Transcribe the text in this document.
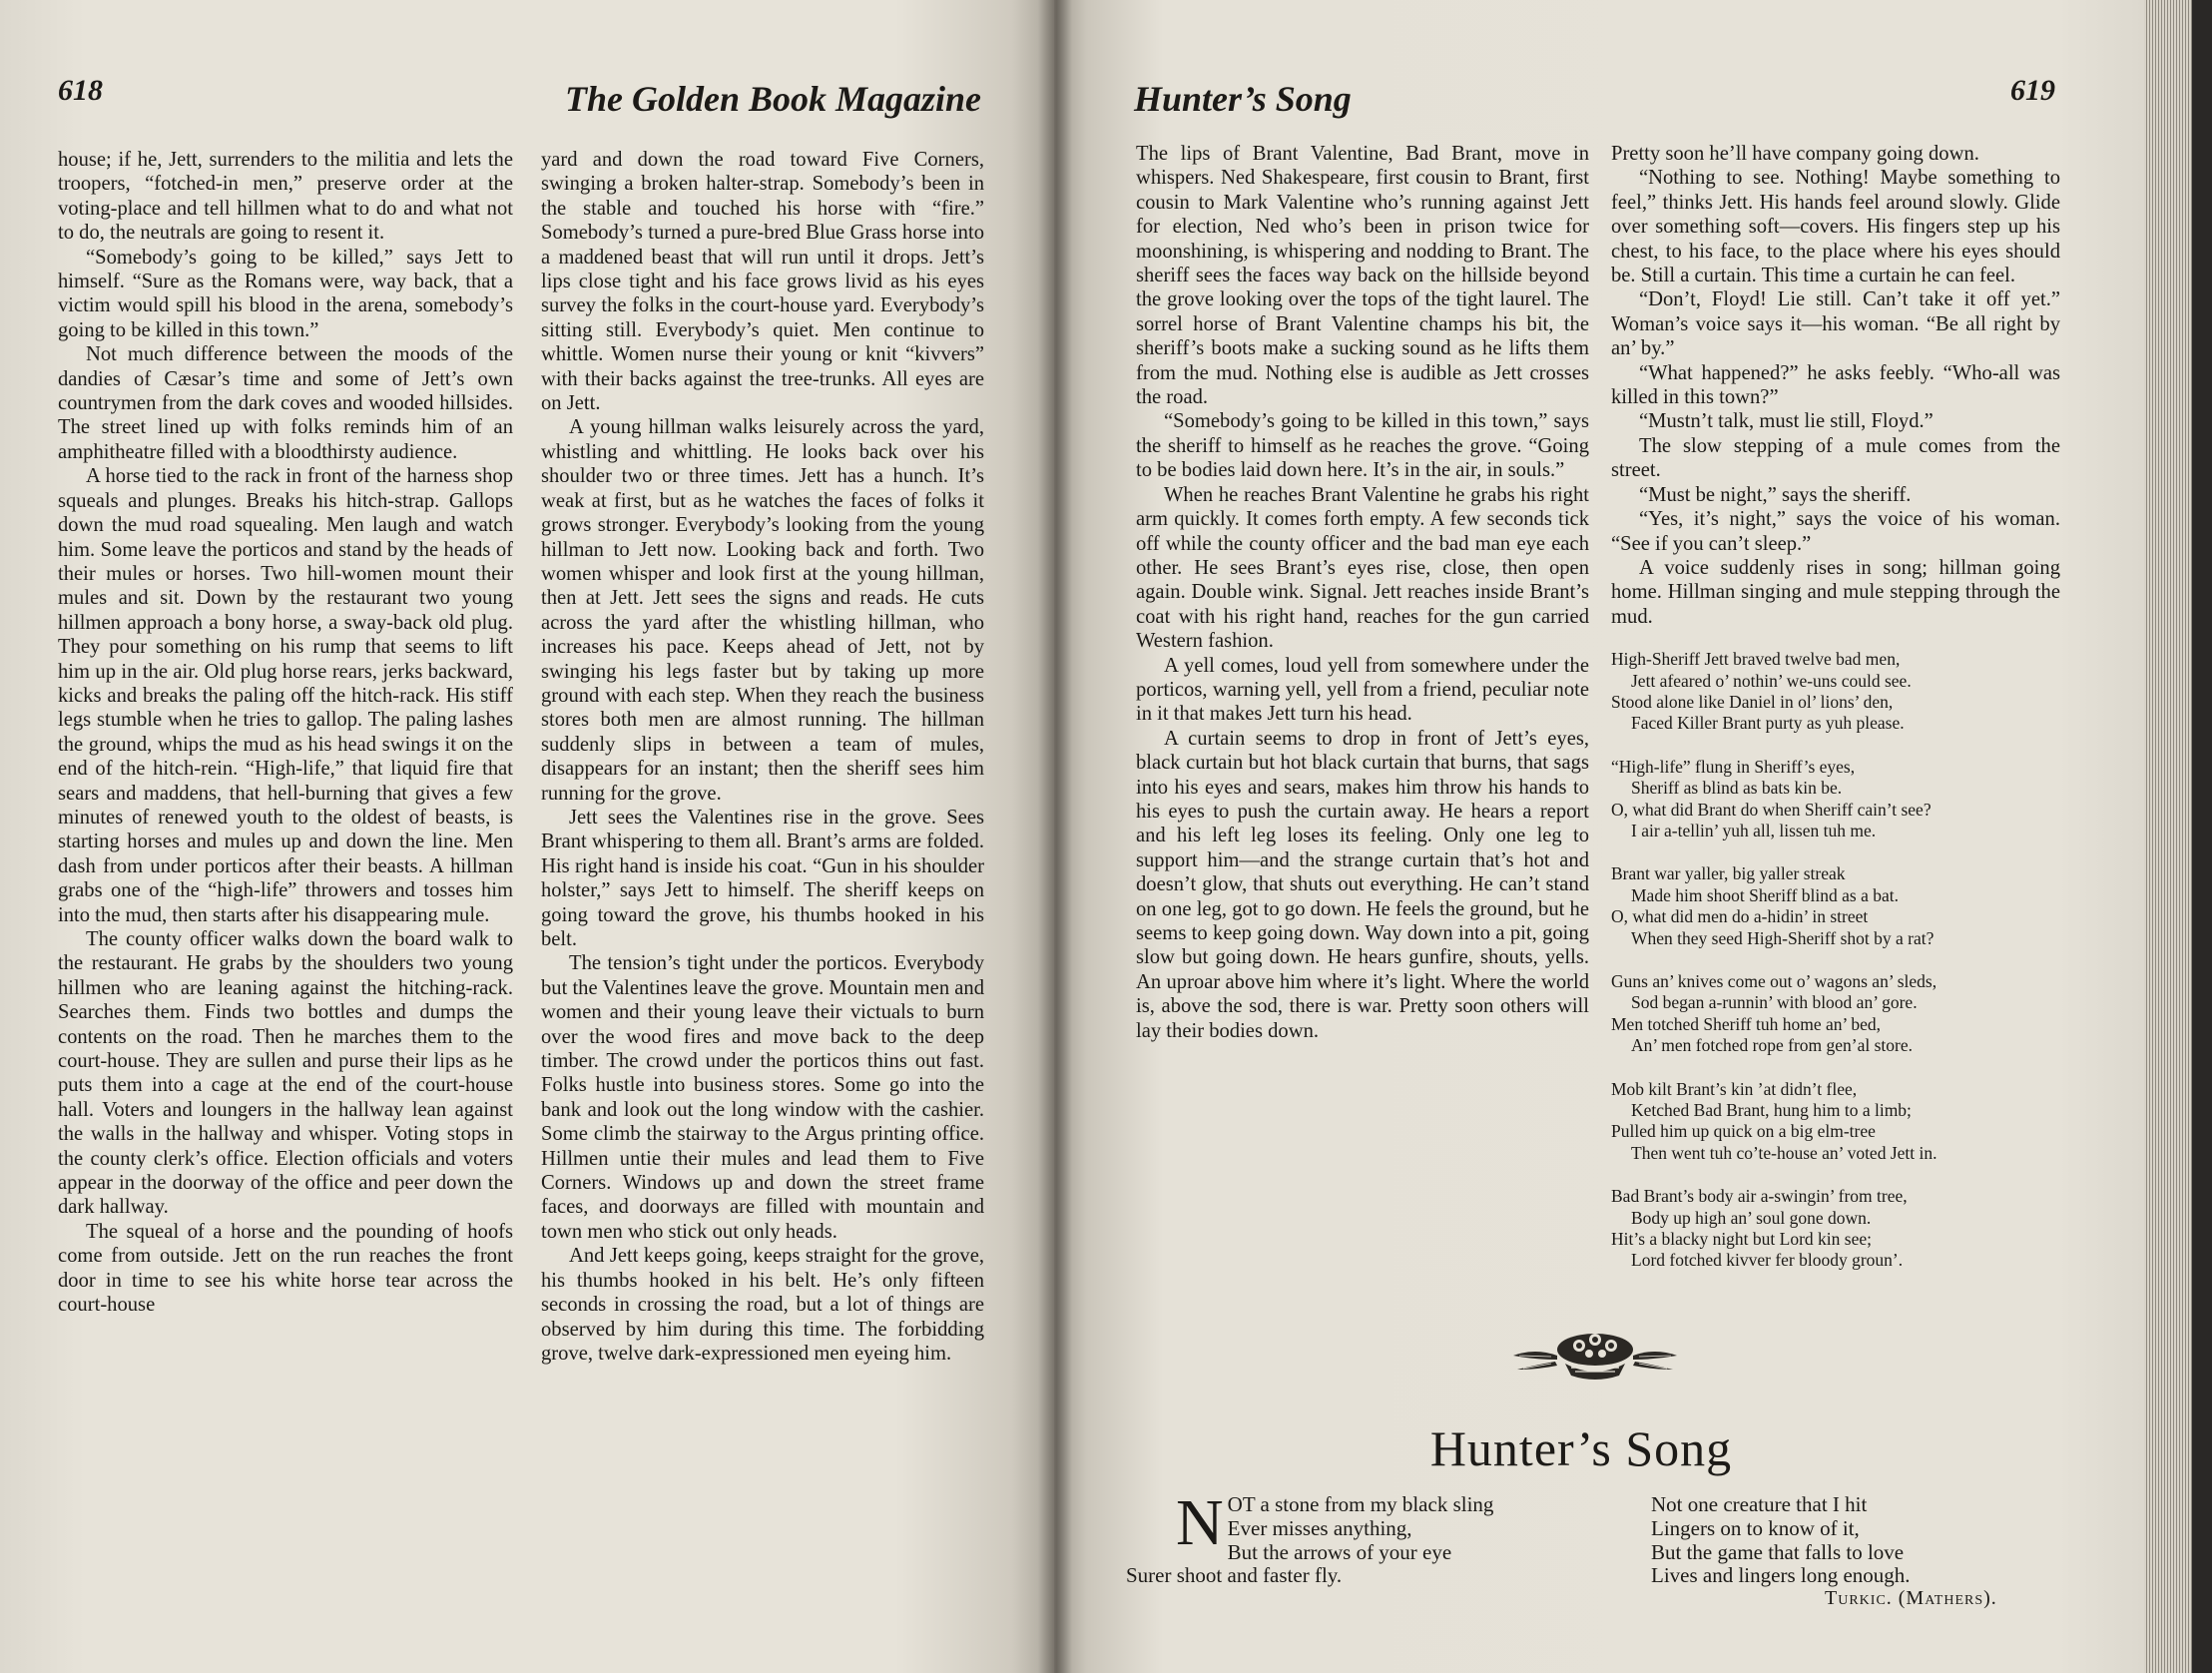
618	The Golden Book Magazine

house; if he, Jett, surrenders to the militia and lets the troopers, “fotched-in men,” preserve order at the voting-place and tell hillmen what to do and what not to do, the neutrals are going to resent it.

“Somebody’s going to be killed,” says Jett to himself. “Sure as the Romans were, way back, that a victim would spill his blood in the arena, somebody’s going to be killed in this town.”

Not much difference between the moods of the dandies of Cæsar’s time and some of Jett’s own countrymen from the dark coves and wooded hillsides. The street lined up with folks reminds him of an amphitheatre filled with a bloodthirsty audience.

A horse tied to the rack in front of the harness shop squeals and plunges. Breaks his hitch-strap. Gallops down the mud road squealing. Men laugh and watch him. Some leave the porticos and stand by the heads of their mules or horses. Two hill-women mount their mules and sit. Down by the restaurant two young hillmen approach a bony horse, a sway-back old plug. They pour something on his rump that seems to lift him up in the air. Old plug horse rears, jerks backward, kicks and breaks the paling off the hitch-rack. His stiff legs stumble when he tries to gallop. The paling lashes the ground, whips the mud as his head swings it on the end of the hitch-rein. “High-life,” that liquid fire that sears and maddens, that hell-burning that gives a few minutes of renewed youth to the oldest of beasts, is starting horses and mules up and down the line. Men dash from under porticos after their beasts. A hillman grabs one of the “high-life” throwers and tosses him into the mud, then starts after his disappearing mule.

The county officer walks down the board walk to the restaurant. He grabs by the shoulders two young hillmen who are leaning against the hitching-rack. Searches them. Finds two bottles and dumps the contents on the road. Then he marches them to the court-house. They are sullen and purse their lips as he puts them into a cage at the end of the court-house hall. Voters and loungers in the hallway lean against the walls in the hallway and whisper. Voting stops in the county clerk’s office. Election officials and voters appear in the doorway of the office and peer down the dark hallway.

The squeal of a horse and the pounding of hoofs come from outside. Jett on the run reaches the front door in time to see his white horse tear across the court-house

yard and down the road toward Five Corners, swinging a broken halter-strap. Somebody’s been in the stable and touched his horse with “fire.” Somebody’s turned a pure-bred Blue Grass horse into a maddened beast that will run until it drops. Jett’s lips close tight and his face grows livid as his eyes survey the folks in the court-house yard. Everybody’s sitting still. Everybody’s quiet. Men continue to whittle. Women nurse their young or knit “kivvers” with their backs against the tree-trunks. All eyes are on Jett.

A young hillman walks leisurely across the yard, whistling and whittling. He looks back over his shoulder two or three times. Jett has a hunch. It’s weak at first, but as he watches the faces of folks it grows stronger. Everybody’s looking from the young hillman to Jett now. Looking back and forth. Two women whisper and look first at the young hillman, then at Jett. Jett sees the signs and reads. He cuts across the yard after the whistling hillman, who increases his pace. Keeps ahead of Jett, not by swinging his legs faster but by taking up more ground with each step. When they reach the business stores both men are almost running. The hillman suddenly slips in between a team of mules, disappears for an instant; then the sheriff sees him running for the grove.

Jett sees the Valentines rise in the grove. Sees Brant whispering to them all. Brant’s arms are folded. His right hand is inside his coat. “Gun in his shoulder holster,” says Jett to himself. The sheriff keeps on going toward the grove, his thumbs hooked in his belt.

The tension’s tight under the porticos. Everybody but the Valentines leave the grove. Mountain men and women and their young leave their victuals to burn over the wood fires and move back to the deep timber. The crowd under the porticos thins out fast. Folks hustle into business stores. Some go into the bank and look out the long window with the cashier. Some climb the stairway to the Argus printing office. Hillmen untie their mules and lead them to Five Corners. Windows up and down the street frame faces, and doorways are filled with mountain and town men who stick out only heads.

And Jett keeps going, keeps straight for the grove, his thumbs hooked in his belt. He’s only fifteen seconds in crossing the road, but a lot of things are observed by him during this time. The forbidding grove, twelve dark-expressioned men eyeing him.

Hunter’s Song	619

The lips of Brant Valentine, Bad Brant, move in whispers. Ned Shakespeare, first cousin to Brant, first cousin to Mark Valentine who’s running against Jett for election, Ned who’s been in prison twice for moonshining, is whispering and nodding to Brant. The sheriff sees the faces way back on the hillside beyond the grove looking over the tops of the tight laurel. The sorrel horse of Brant Valentine champs his bit, the sheriff’s boots make a sucking sound as he lifts them from the mud. Nothing else is audible as Jett crosses the road.

“Somebody’s going to be killed in this town,” says the sheriff to himself as he reaches the grove. “Going to be bodies laid down here. It’s in the air, in souls.”

When he reaches Brant Valentine he grabs his right arm quickly. It comes forth empty. A few seconds tick off while the county officer and the bad man eye each other. He sees Brant’s eyes rise, close, then open again. Double wink. Signal. Jett reaches inside Brant’s coat with his right hand, reaches for the gun carried Western fashion.

A yell comes, loud yell from somewhere under the porticos, warning yell, yell from a friend, peculiar note in it that makes Jett turn his head.

A curtain seems to drop in front of Jett’s eyes, black curtain but hot black curtain that burns, that sags into his eyes and sears, makes him throw his hands to his eyes to push the curtain away. He hears a report and his left leg loses its feeling. Only one leg to support him—and the strange curtain that’s hot and doesn’t glow, that shuts out everything. He can’t stand on one leg, got to go down. He feels the ground, but he seems to keep going down. Way down into a pit, going slow but going down. He hears gunfire, shouts, yells. An uproar above him where it’s light. Where the world is, above the sod, there is war. Pretty soon others will lay their bodies down.

Pretty soon he’ll have company going down.

“Nothing to see. Nothing! Maybe something to feel,” thinks Jett. His hands feel around slowly. Glide over something soft—covers. His fingers step up his chest, to his face, to the place where his eyes should be. Still a curtain. This time a curtain he can feel.

“Don’t, Floyd! Lie still. Can’t take it off yet.” Woman’s voice says it—his woman. “Be all right by an’ by.”

“What happened?” he asks feebly. “Who-all was killed in this town?”

“Mustn’t talk, must lie still, Floyd.”

The slow stepping of a mule comes from the street.

“Must be night,” says the sheriff.

“Yes, it’s night,” says the voice of his woman. “See if you can’t sleep.”

A voice suddenly rises in song; hillman going home. Hillman singing and mule stepping through the mud.

High-Sheriff Jett braved twelve bad men,
Jett afeared o’ nothin’ we-uns could see.
Stood alone like Daniel in ol’ lions’ den,
Faced Killer Brant purty as yuh please.
“High-life” flung in Sheriff’s eyes,
Sheriff as blind as bats kin be.
O, what did Brant do when Sheriff cain’t see?
I air a-tellin’ yuh all, lissen tuh me.
Brant war yaller, big yaller streak
Made him shoot Sheriff blind as a bat.
O, what did men do a-hidin’ in street
When they seed High-Sheriff shot by a rat?
Guns an’ knives come out o’ wagons an’ sleds,
Sod began a-runnin’ with blood an’ gore.
Men totched Sheriff tuh home an’ bed,
An’ men fotched rope from gen’al store.
Mob kilt Brant’s kin ’at didn’t flee,
Ketched Bad Brant, hung him to a limb;
Pulled him up quick on a big elm-tree
Then went tuh co’te-house an’ voted Jett in.
Bad Brant’s body air a-swingin’ from tree,
Body up high an’ soul gone down.
Hit’s a blacky night but Lord kin see;
Lord fotched kivver fer bloody groun’.
Hunter’s Song
N OT a stone from my black sling
Ever misses anything,
But the arrows of your eye
Surer shoot and faster fly.
Not one creature that I hit
Lingers on to know of it,
But the game that falls to love
Lives and lingers long enough.
Turkic. (Mathers).
